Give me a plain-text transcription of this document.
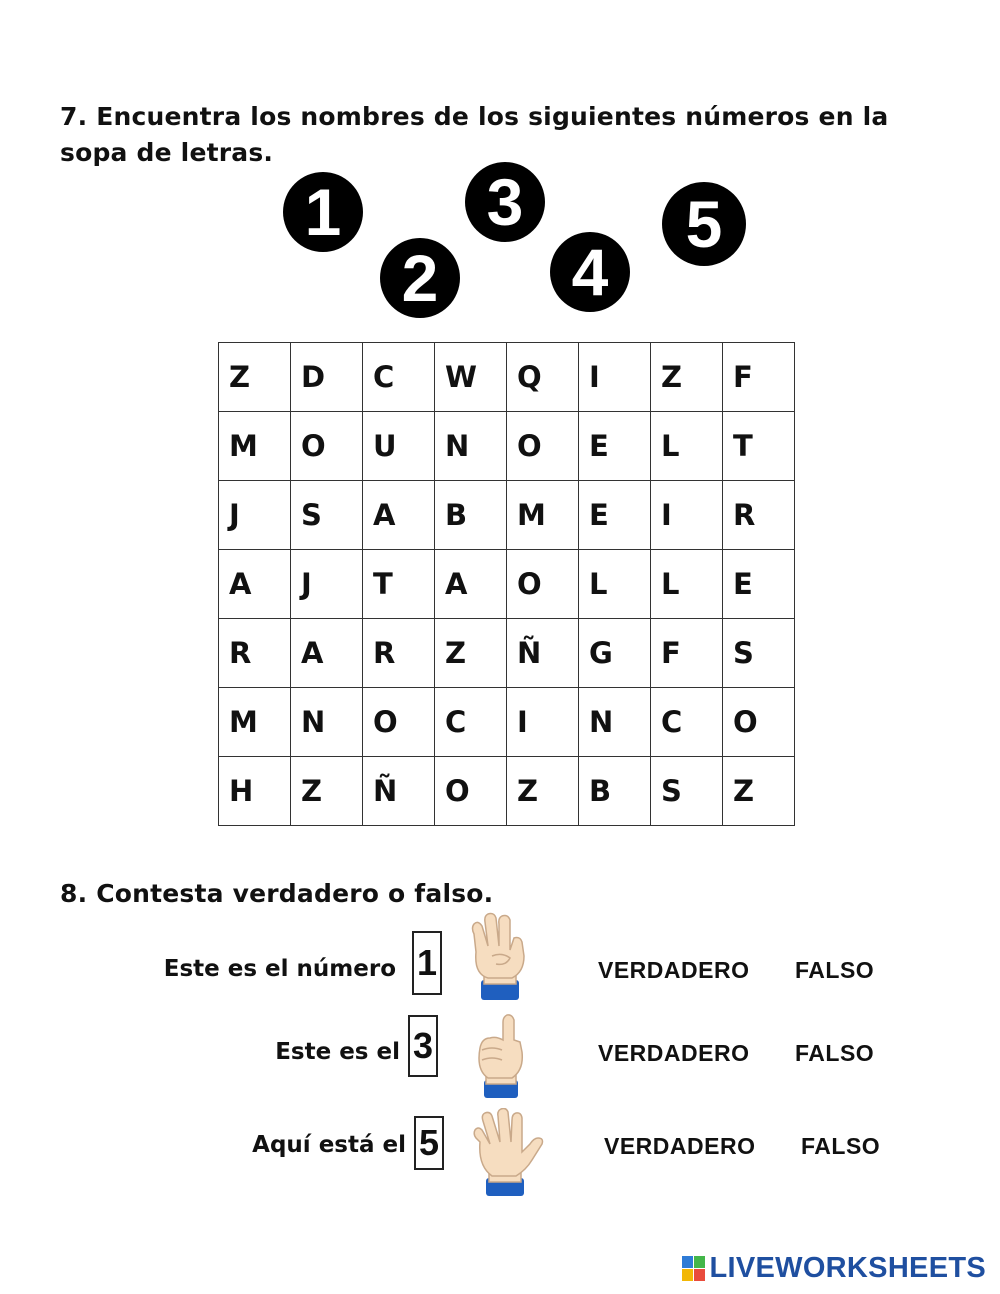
7. Encuentra los nombres de los siguientes números en la sopa de letras.
1
2
3
4
5
Z	D	C	W	Q	I	Z	F
M	O	U	N	O	E	L	T
J	S	A	B	M	E	I	R
A	J	T	A	O	L	L	E
R	A	R	Z	Ñ	G	F	S
M	N	O	C	I	N	C	O
H	Z	Ñ	O	Z	B	S	Z
8. Contesta verdadero o falso.
Este es el número 1	VERDADERO FALSO
Este es el 3	VERDADERO FALSO
Aquí está el 5	VERDADERO FALSO
LIVEWORKSHEETS
